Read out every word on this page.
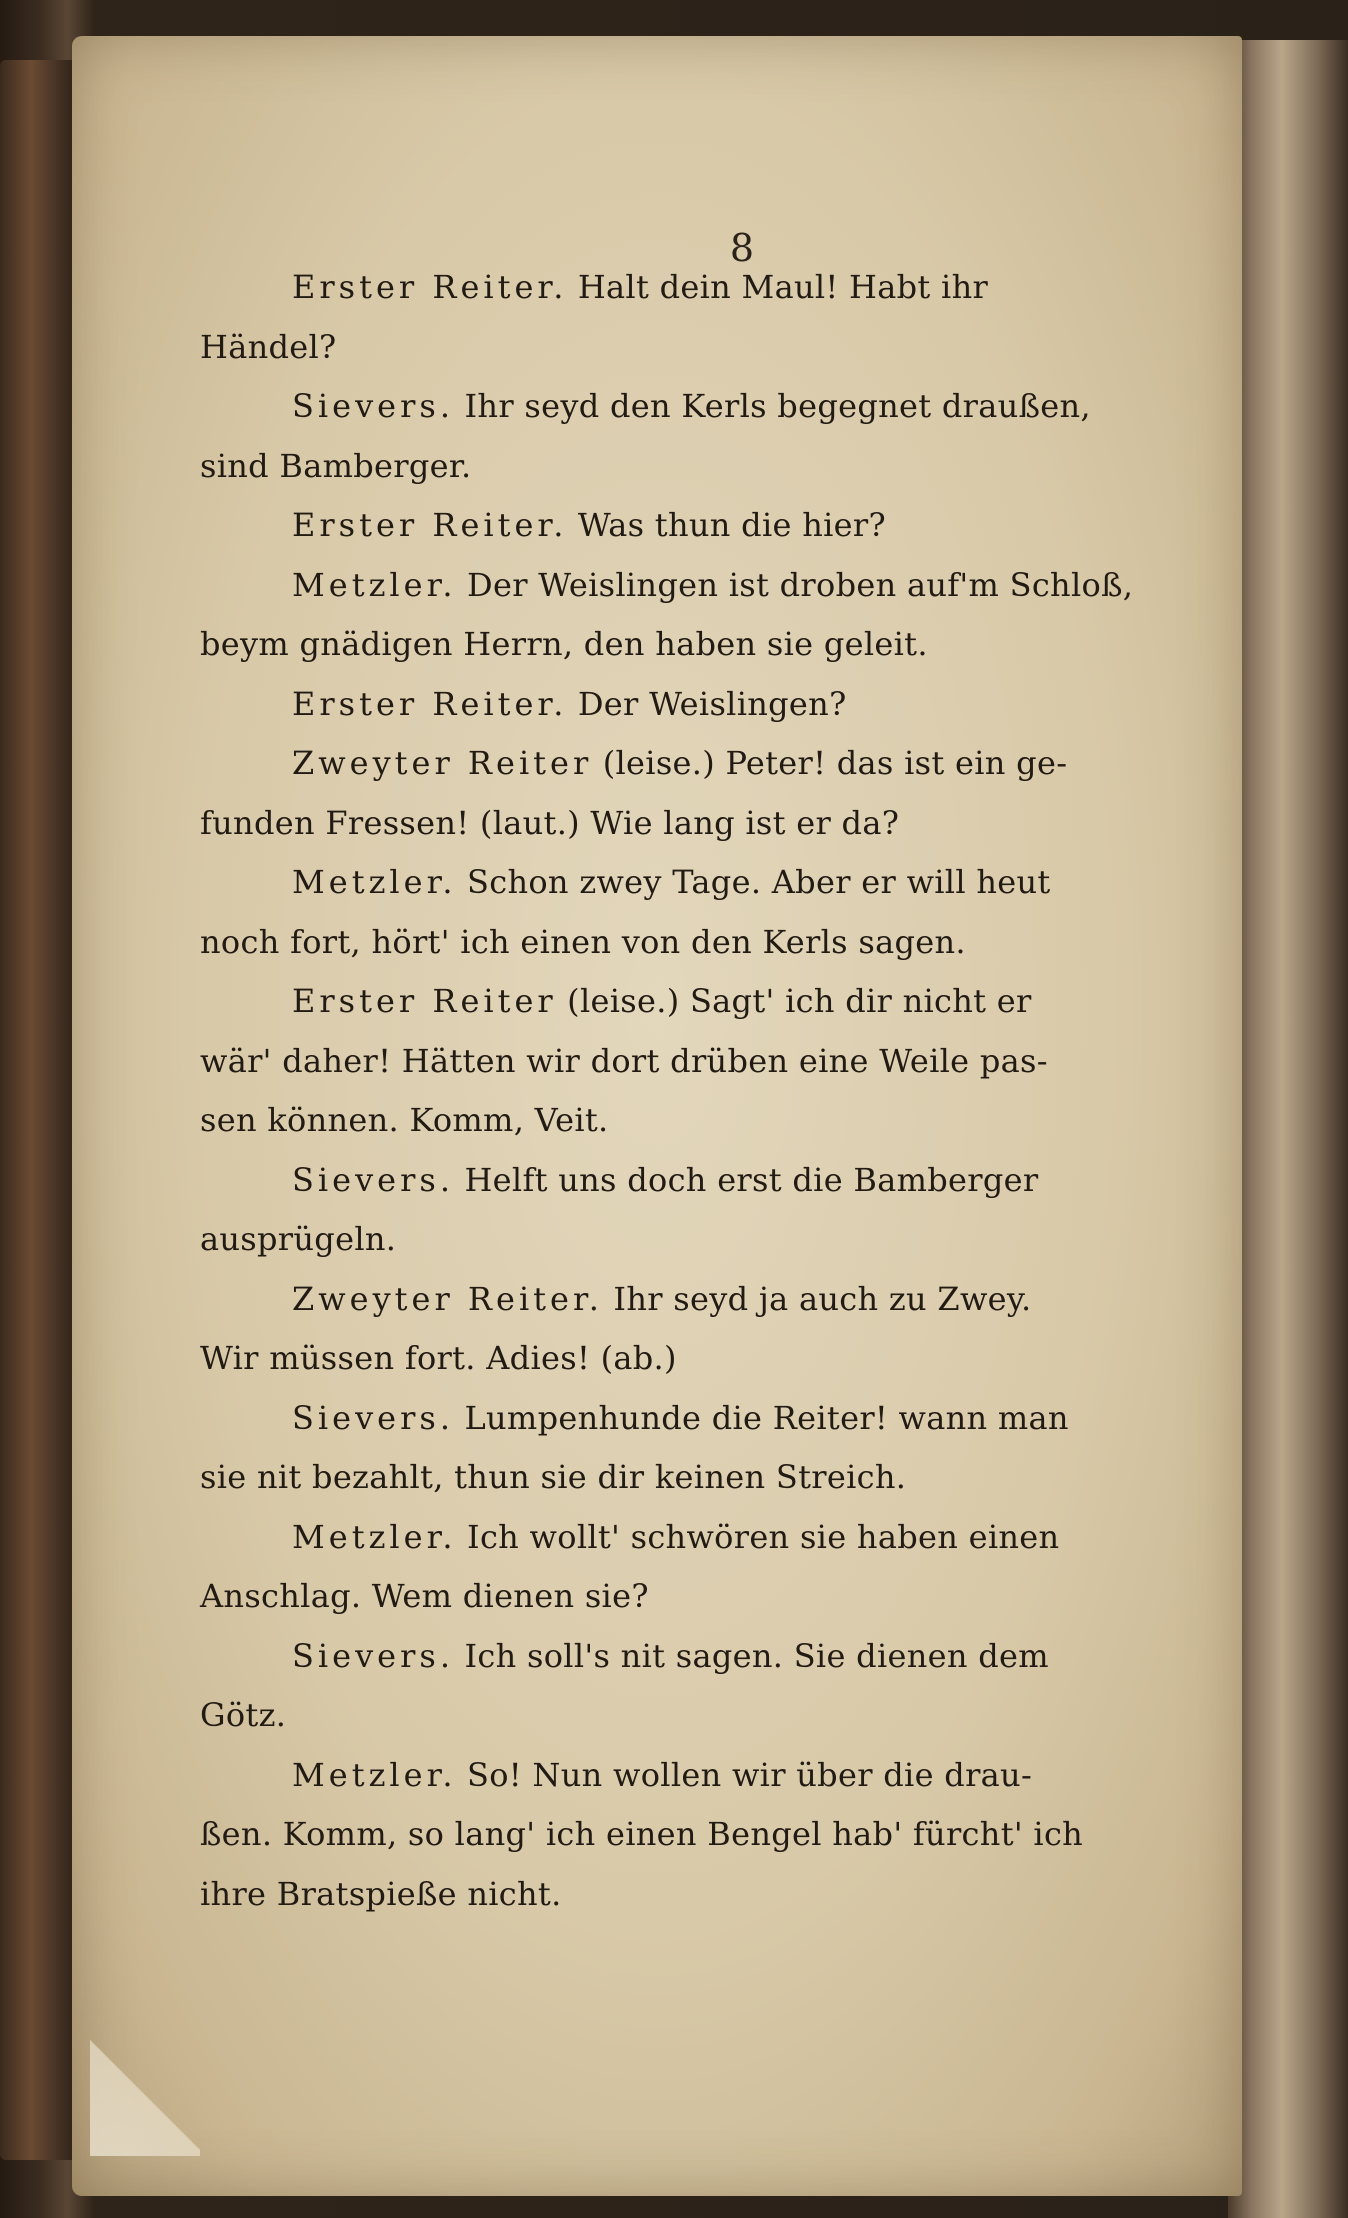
8
Erster Reiter. Halt dein Maul! Habt ihr
Händel?
Sievers. Ihr seyd den Kerls begegnet draußen,
sind Bamberger.
Erster Reiter. Was thun die hier?
Metzler. Der Weislingen ist droben auf'm Schloß,
beym gnädigen Herrn, den haben sie geleit.
Erster Reiter. Der Weislingen?
Zweyter Reiter (leise.) Peter! das ist ein ge-
funden Fressen! (laut.) Wie lang ist er da?
Metzler. Schon zwey Tage. Aber er will heut
noch fort, hört' ich einen von den Kerls sagen.
Erster Reiter (leise.) Sagt' ich dir nicht er
wär' daher! Hätten wir dort drüben eine Weile pas-
sen können. Komm, Veit.
Sievers. Helft uns doch erst die Bamberger
ausprügeln.
Zweyter Reiter. Ihr seyd ja auch zu Zwey.
Wir müssen fort. Adies! (ab.)
Sievers. Lumpenhunde die Reiter! wann man
sie nit bezahlt, thun sie dir keinen Streich.
Metzler. Ich wollt' schwören sie haben einen
Anschlag. Wem dienen sie?
Sievers. Ich soll's nit sagen. Sie dienen dem
Götz.
Metzler. So! Nun wollen wir über die drau-
ßen. Komm, so lang' ich einen Bengel hab' fürcht' ich
ihre Bratspieße nicht.
